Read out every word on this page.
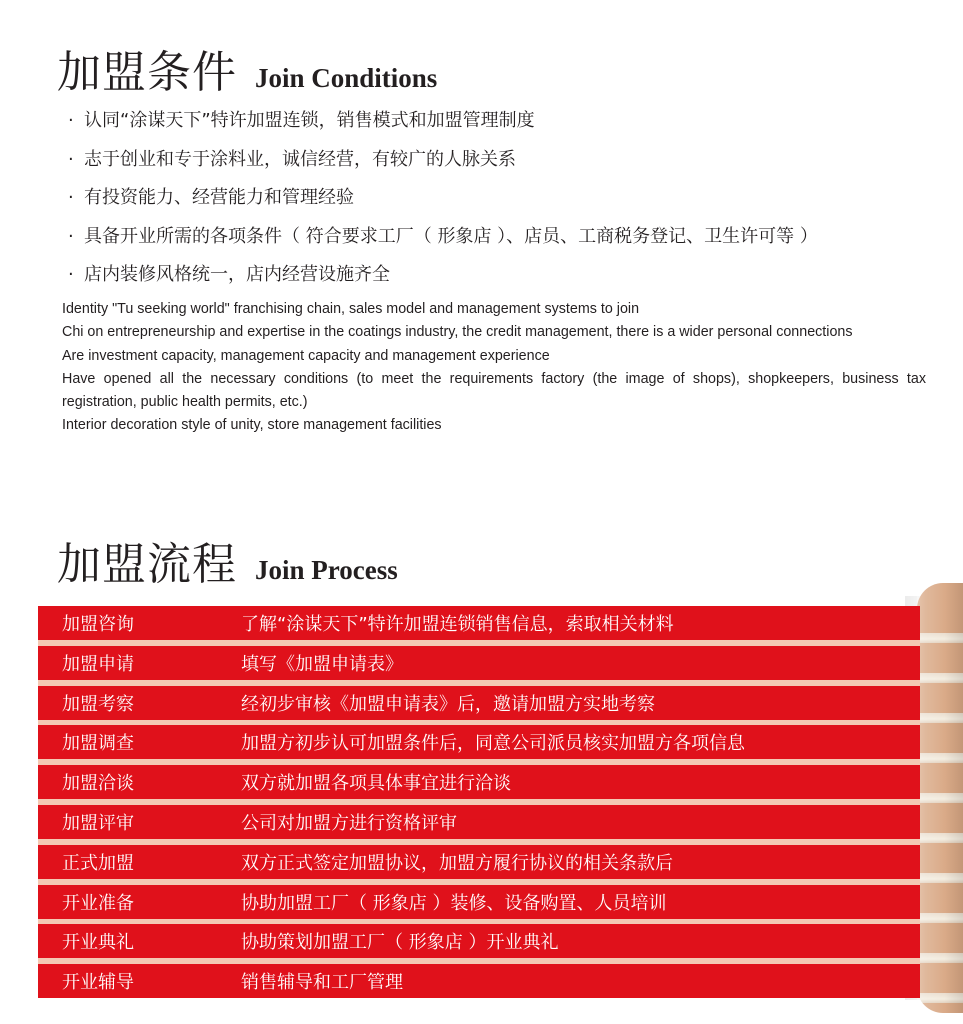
加盟条件 Join Conditions
· 认同“涂谋天下”特许加盟连锁，销售模式和加盟管理制度
· 志于创业和专于涂料业，诚信经营，有较广的人脉关系
· 有投资能力、经营能力和管理经验
· 具备开业所需的各项条件（ 符合要求工厂（ 形象店 ）、店员、工商税务登记、卫生许可等 ）
· 店内装修风格统一，店内经营设施齐全

Identity "Tu seeking world" franchising chain, sales model and management systems to join

Chi on entrepreneurship and expertise in the coatings industry, the credit management, there is a wider personal connections

Are investment capacity, management capacity and management experience

Have opened all the necessary conditions (to meet the requirements factory (the image of shops), shopkeepers, business tax registration, public health permits, etc.)

Interior decoration style of unity, store management facilities

加盟流程 Join Process
加盟咨询	了解“涂谋天下”特许加盟连锁销售信息，索取相关材料
加盟申请	填写《加盟申请表》
加盟考察	经初步审核《加盟申请表》后，邀请加盟方实地考察
加盟调查	加盟方初步认可加盟条件后，同意公司派员核实加盟方各项信息
加盟洽谈	双方就加盟各项具体事宜进行洽谈
加盟评审	公司对加盟方进行资格评审
正式加盟	双方正式签定加盟协议，加盟方履行协议的相关条款后
开业准备	协助加盟工厂（ 形象店 ）装修、设备购置、人员培训
开业典礼	协助策划加盟工厂（ 形象店 ）开业典礼
开业辅导	销售辅导和工厂管理
